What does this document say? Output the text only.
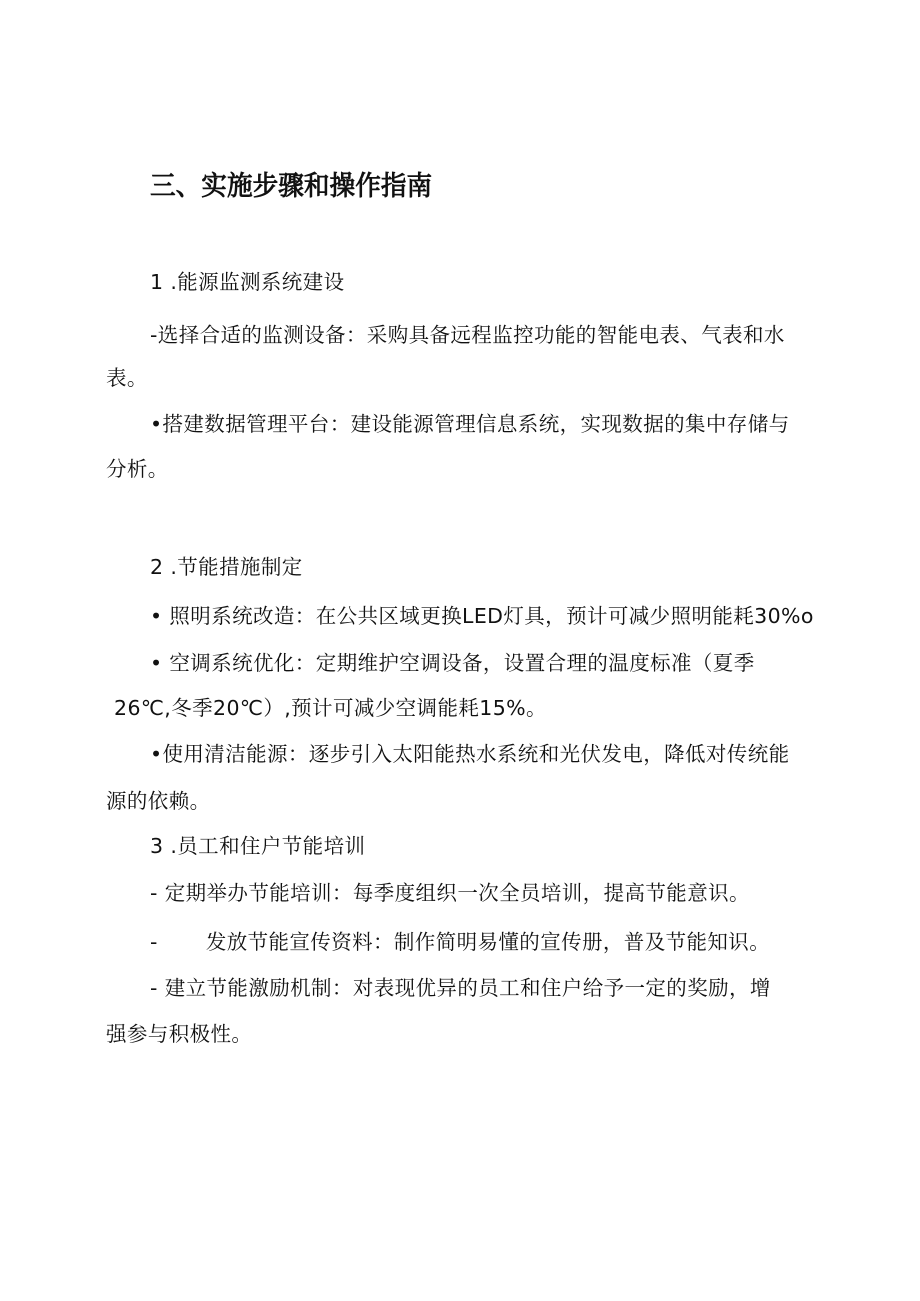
三、实施步骤和操作指南
1 .能源监测系统建设
-选择合适的监测设备：采购具备远程监控功能的智能电表、气表和水
表。
•搭建数据管理平台：建设能源管理信息系统，实现数据的集中存储与
分析。
2 .节能措施制定
• 照明系统改造：在公共区域更换LED灯具，预计可减少照明能耗30%o
• 空调系统优化：定期维护空调设备，设置合理的温度标准（夏季
26℃,冬季20℃）,预计可减少空调能耗15%。
•使用清洁能源：逐步引入太阳能热水系统和光伏发电，降低对传统能
源的依赖。
3 .员工和住户节能培训
- 定期举办节能培训：每季度组织一次全员培训，提高节能意识。
- 发放节能宣传资料：制作简明易懂的宣传册，普及节能知识。
- 建立节能激励机制：对表现优异的员工和住户给予一定的奖励，增
强参与积极性。
